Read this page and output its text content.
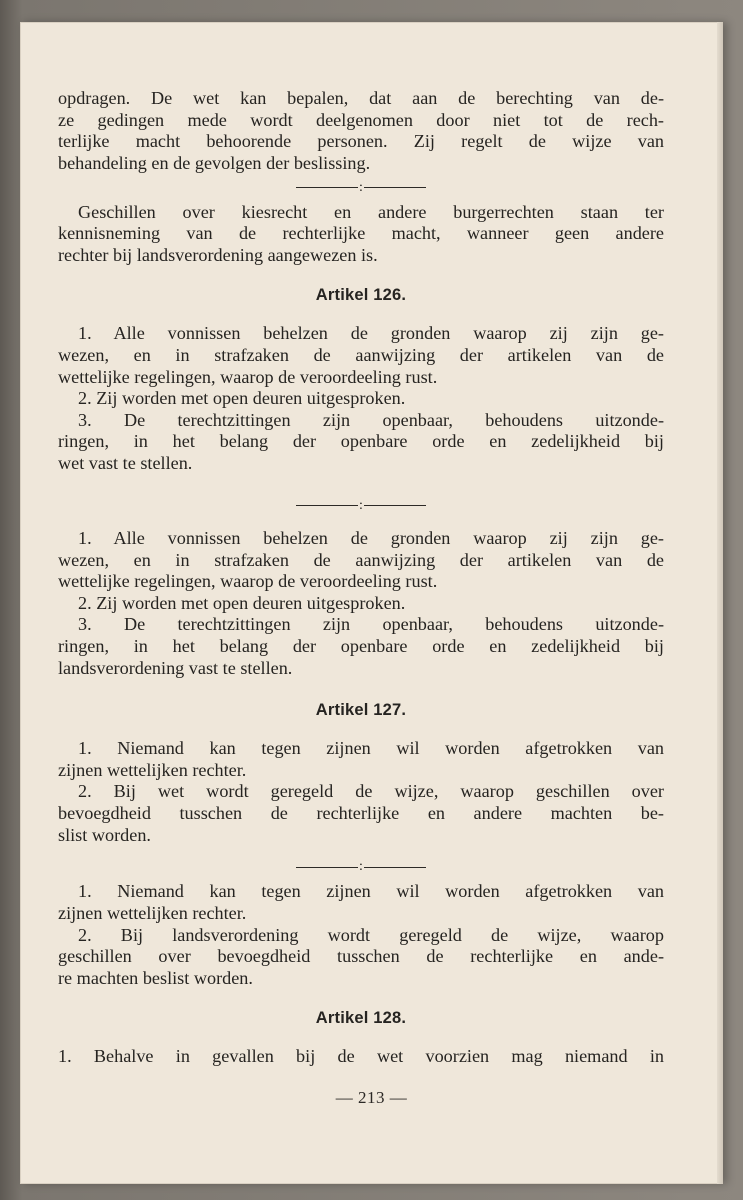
opdragen. De wet kan bepalen, dat aan de berechting van de-
ze gedingen mede wordt deelgenomen door niet tot de rech-
terlijke macht behoorende personen. Zij regelt de wijze van
behandeling en de gevolgen der beslissing.
:
Geschillen over kiesrecht en andere burgerrechten staan ter
kennisneming van de rechterlijke macht, wanneer geen andere
rechter bij landsverordening aangewezen is.
Artikel 126.
1. Alle vonnissen behelzen de gronden waarop zij zijn ge-
wezen, en in strafzaken de aanwijzing der artikelen van de
wettelijke regelingen, waarop de veroordeeling rust.
2. Zij worden met open deuren uitgesproken.
3. De terechtzittingen zijn openbaar, behoudens uitzonde-
ringen, in het belang der openbare orde en zedelijkheid bij
wet vast te stellen.
:
1. Alle vonnissen behelzen de gronden waarop zij zijn ge-
wezen, en in strafzaken de aanwijzing der artikelen van de
wettelijke regelingen, waarop de veroordeeling rust.
2. Zij worden met open deuren uitgesproken.
3. De terechtzittingen zijn openbaar, behoudens uitzonde-
ringen, in het belang der openbare orde en zedelijkheid bij
landsverordening vast te stellen.
Artikel 127.
1. Niemand kan tegen zijnen wil worden afgetrokken van
zijnen wettelijken rechter.
2. Bij wet wordt geregeld de wijze, waarop geschillen over
bevoegdheid tusschen de rechterlijke en andere machten be-
slist worden.
:
1. Niemand kan tegen zijnen wil worden afgetrokken van
zijnen wettelijken rechter.
2. Bij landsverordening wordt geregeld de wijze, waarop
geschillen over bevoegdheid tusschen de rechterlijke en ande-
re machten beslist worden.
Artikel 128.
1. Behalve in gevallen bij de wet voorzien mag niemand in
— 213 —
